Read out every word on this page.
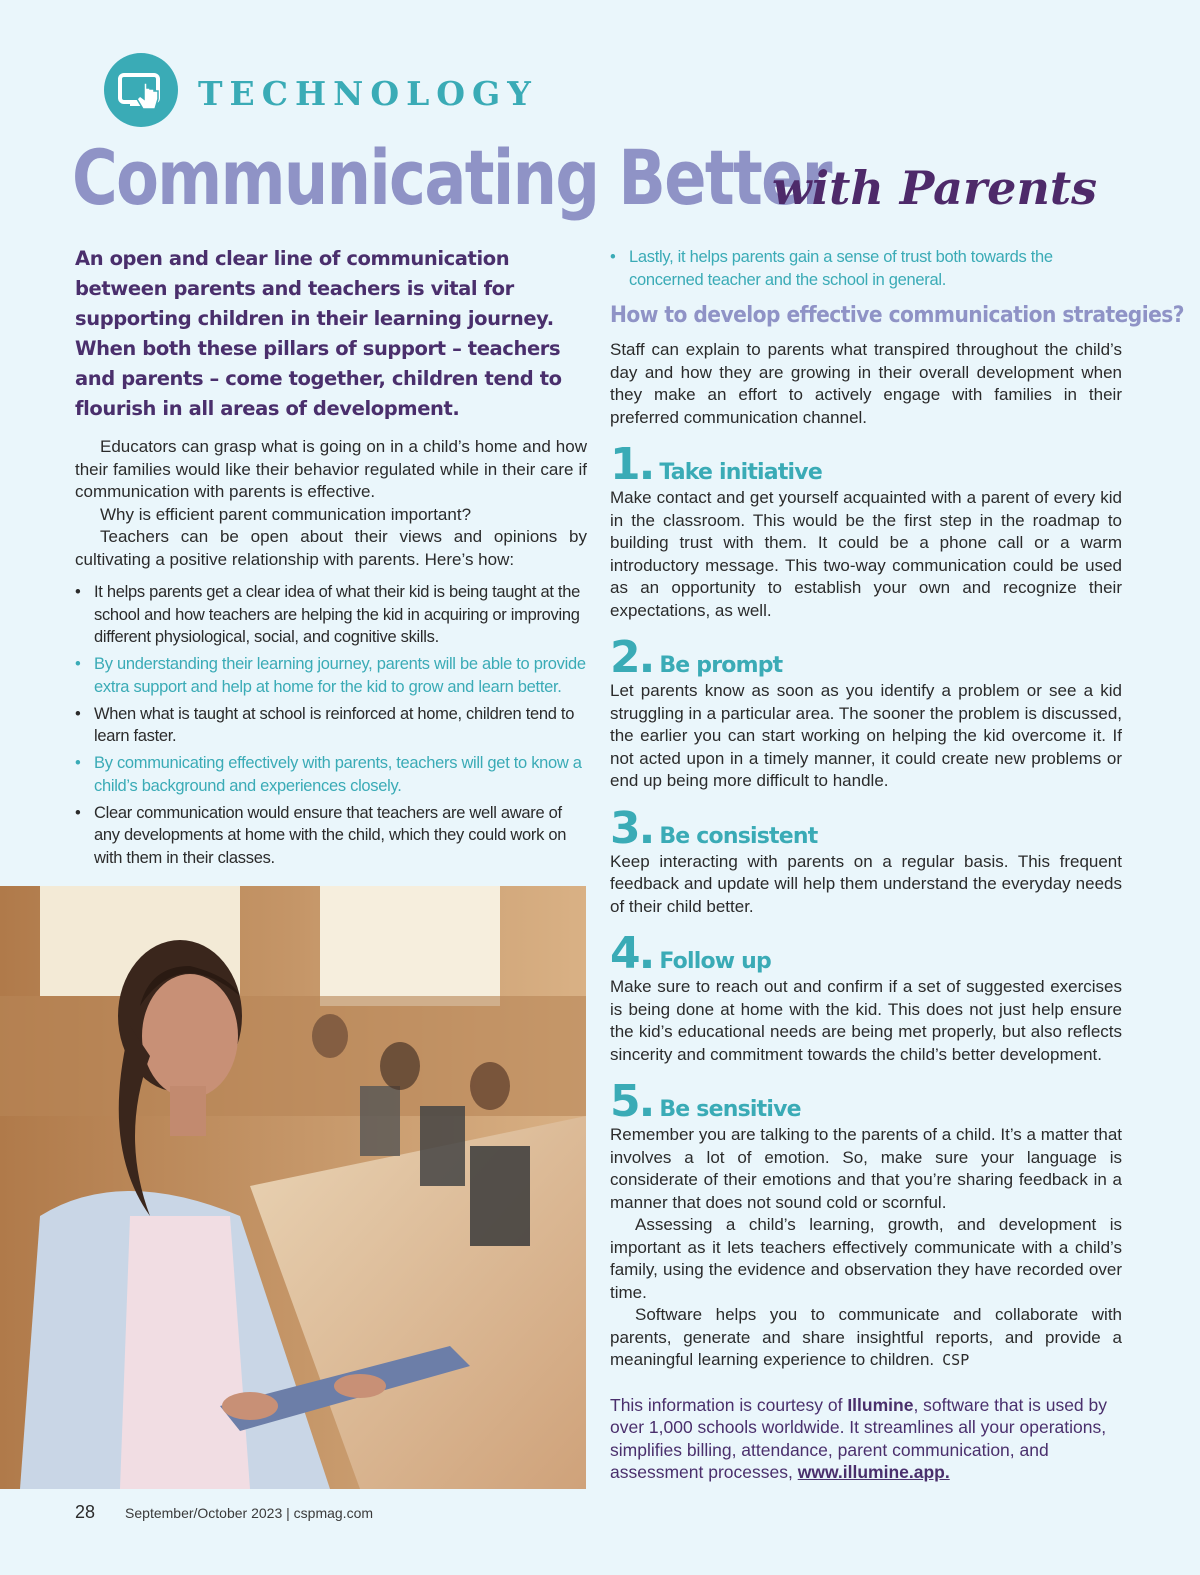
TECHNOLOGY
Communicating Better
with Parents

An open and clear line of communication between parents and teachers is vital for supporting children in their learning journey. When both these pillars of support – teachers and parents – come together, children tend to flourish in all areas of development.

Educators can grasp what is going on in a child’s home and how their families would like their behavior regulated while in their care if communication with parents is effective.

Why is efficient parent communication important?

Teachers can be open about their views and opinions by cultivating a positive relationship with parents. Here’s how:

• It helps parents get a clear idea of what their kid is being taught at the school and how teachers are helping the kid in acquiring or improving different physiological, social, and cognitive skills.
• By understanding their learning journey, parents will be able to provide extra support and help at home for the kid to grow and learn better.
• When what is taught at school is reinforced at home, children tend to learn faster.
• By communicating effectively with parents, teachers will get to know a child’s background and experiences closely.
• Clear communication would ensure that teachers are well aware of any developments at home with the child, which they could work on with them in their classes.
• Lastly, it helps parents gain a sense of trust both towards the concerned teacher and the school in general.
How to develop effective communication strategies?

Staff can explain to parents what transpired throughout the child’s day and how they are growing in their overall development when they make an effort to actively engage with families in their preferred communication channel.

1. Take initiative

Make contact and get yourself acquainted with a parent of every kid in the classroom. This would be the first step in the roadmap to building trust with them. It could be a phone call or a warm introductory message. This two-way communication could be used as an opportunity to establish your own and recognize their expectations, as well.

2. Be prompt

Let parents know as soon as you identify a problem or see a kid struggling in a particular area. The sooner the problem is discussed, the earlier you can start working on helping the kid overcome it. If not acted upon in a timely manner, it could create new problems or end up being more difficult to handle.

3. Be consistent

Keep interacting with parents on a regular basis. This frequent feedback and update will help them understand the everyday needs of their child better.

4. Follow up

Make sure to reach out and confirm if a set of suggested exercises is being done at home with the kid. This does not just help ensure the kid’s educational needs are being met properly, but also reflects sincerity and commitment towards the child’s better development.

5. Be sensitive

Remember you are talking to the parents of a child. It’s a matter that involves a lot of emotion. So, make sure your language is considerate of their emotions and that you’re sharing feedback in a manner that does not sound cold or scornful.

Assessing a child’s learning, growth, and development is important as it lets teachers effectively communicate with a child’s family, using the evidence and observation they have recorded over time.

Software helps you to communicate and collaborate with parents, generate and share insightful reports, and provide a meaningful learning experience to children. CSP

This information is courtesy of Illumine, software that is used by over 1,000 schools worldwide. It streamlines all your operations, simplifies billing, attendance, parent communication, and assessment processes, www.illumine.app.

28 September/October 2023 | cspmag.com
